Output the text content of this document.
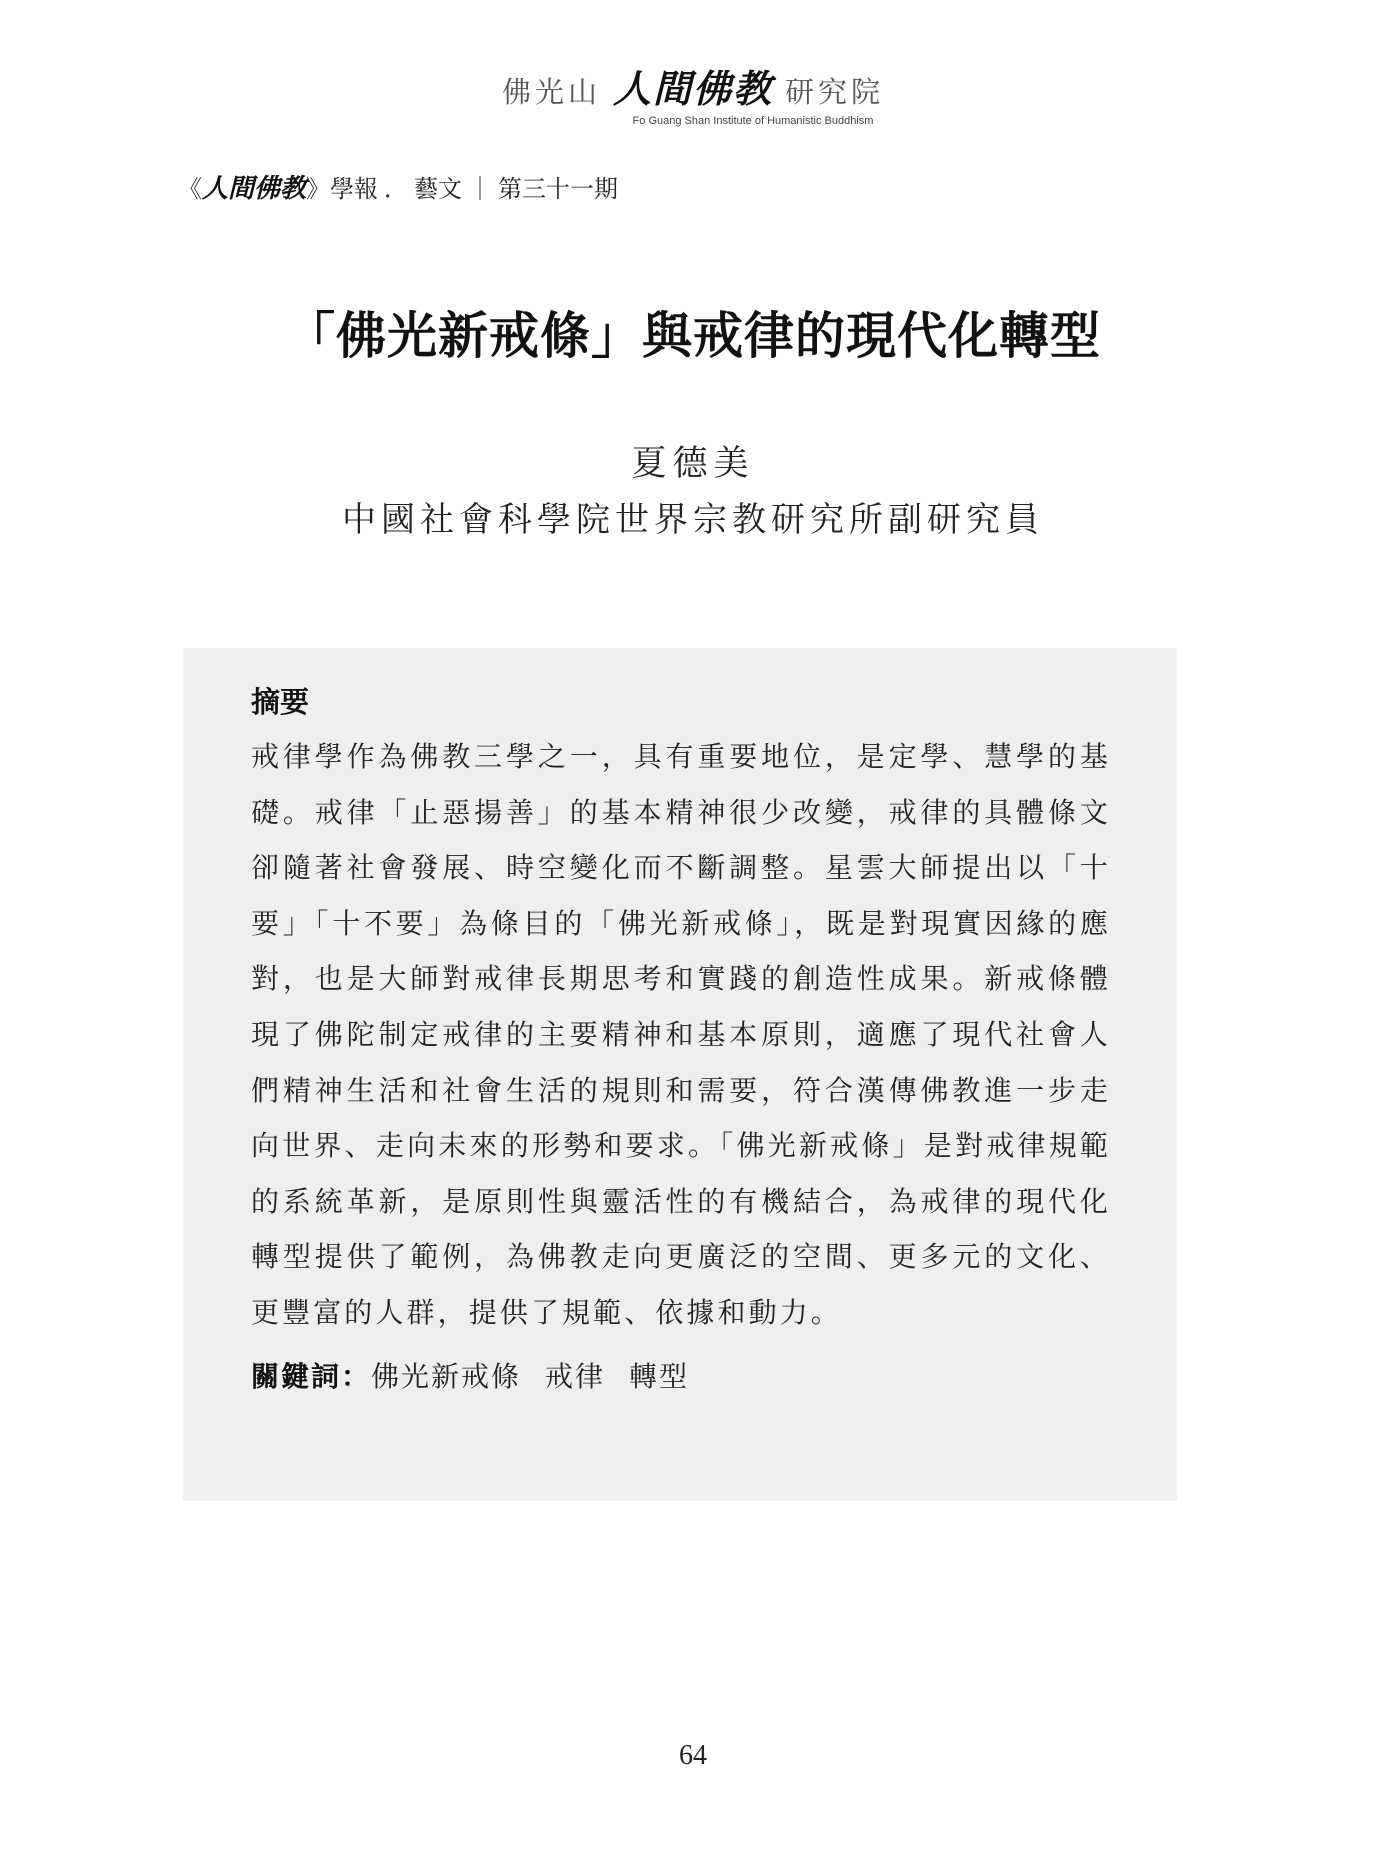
佛光山 人間佛教 研究院
Fo Guang Shan Institute of Humanistic Buddhism
《人間佛教》學報 ． 藝文 ｜ 第三十一期
「佛光新戒條」與戒律的現代化轉型
夏德美
中國社會科學院世界宗教研究所副研究員
摘要

戒律學作為佛教三學之一，具有重要地位，是定學、慧學的基礎。戒律「止惡揚善」的基本精神很少改變，戒律的具體條文卻隨著社會發展、時空變化而不斷調整。星雲大師提出以「十要」「十不要」為條目的「佛光新戒條」，既是對現實因緣的應對，也是大師對戒律長期思考和實踐的創造性成果。新戒條體現了佛陀制定戒律的主要精神和基本原則，適應了現代社會人們精神生活和社會生活的規則和需要，符合漢傳佛教進一步走向世界、走向未來的形勢和要求。「佛光新戒條」是對戒律規範的系統革新，是原則性與靈活性的有機結合，為戒律的現代化轉型提供了範例，為佛教走向更廣泛的空間、更多元的文化、更豐富的人群，提供了規範、依據和動力。

關鍵詞：佛光新戒條 戒律 轉型
64
